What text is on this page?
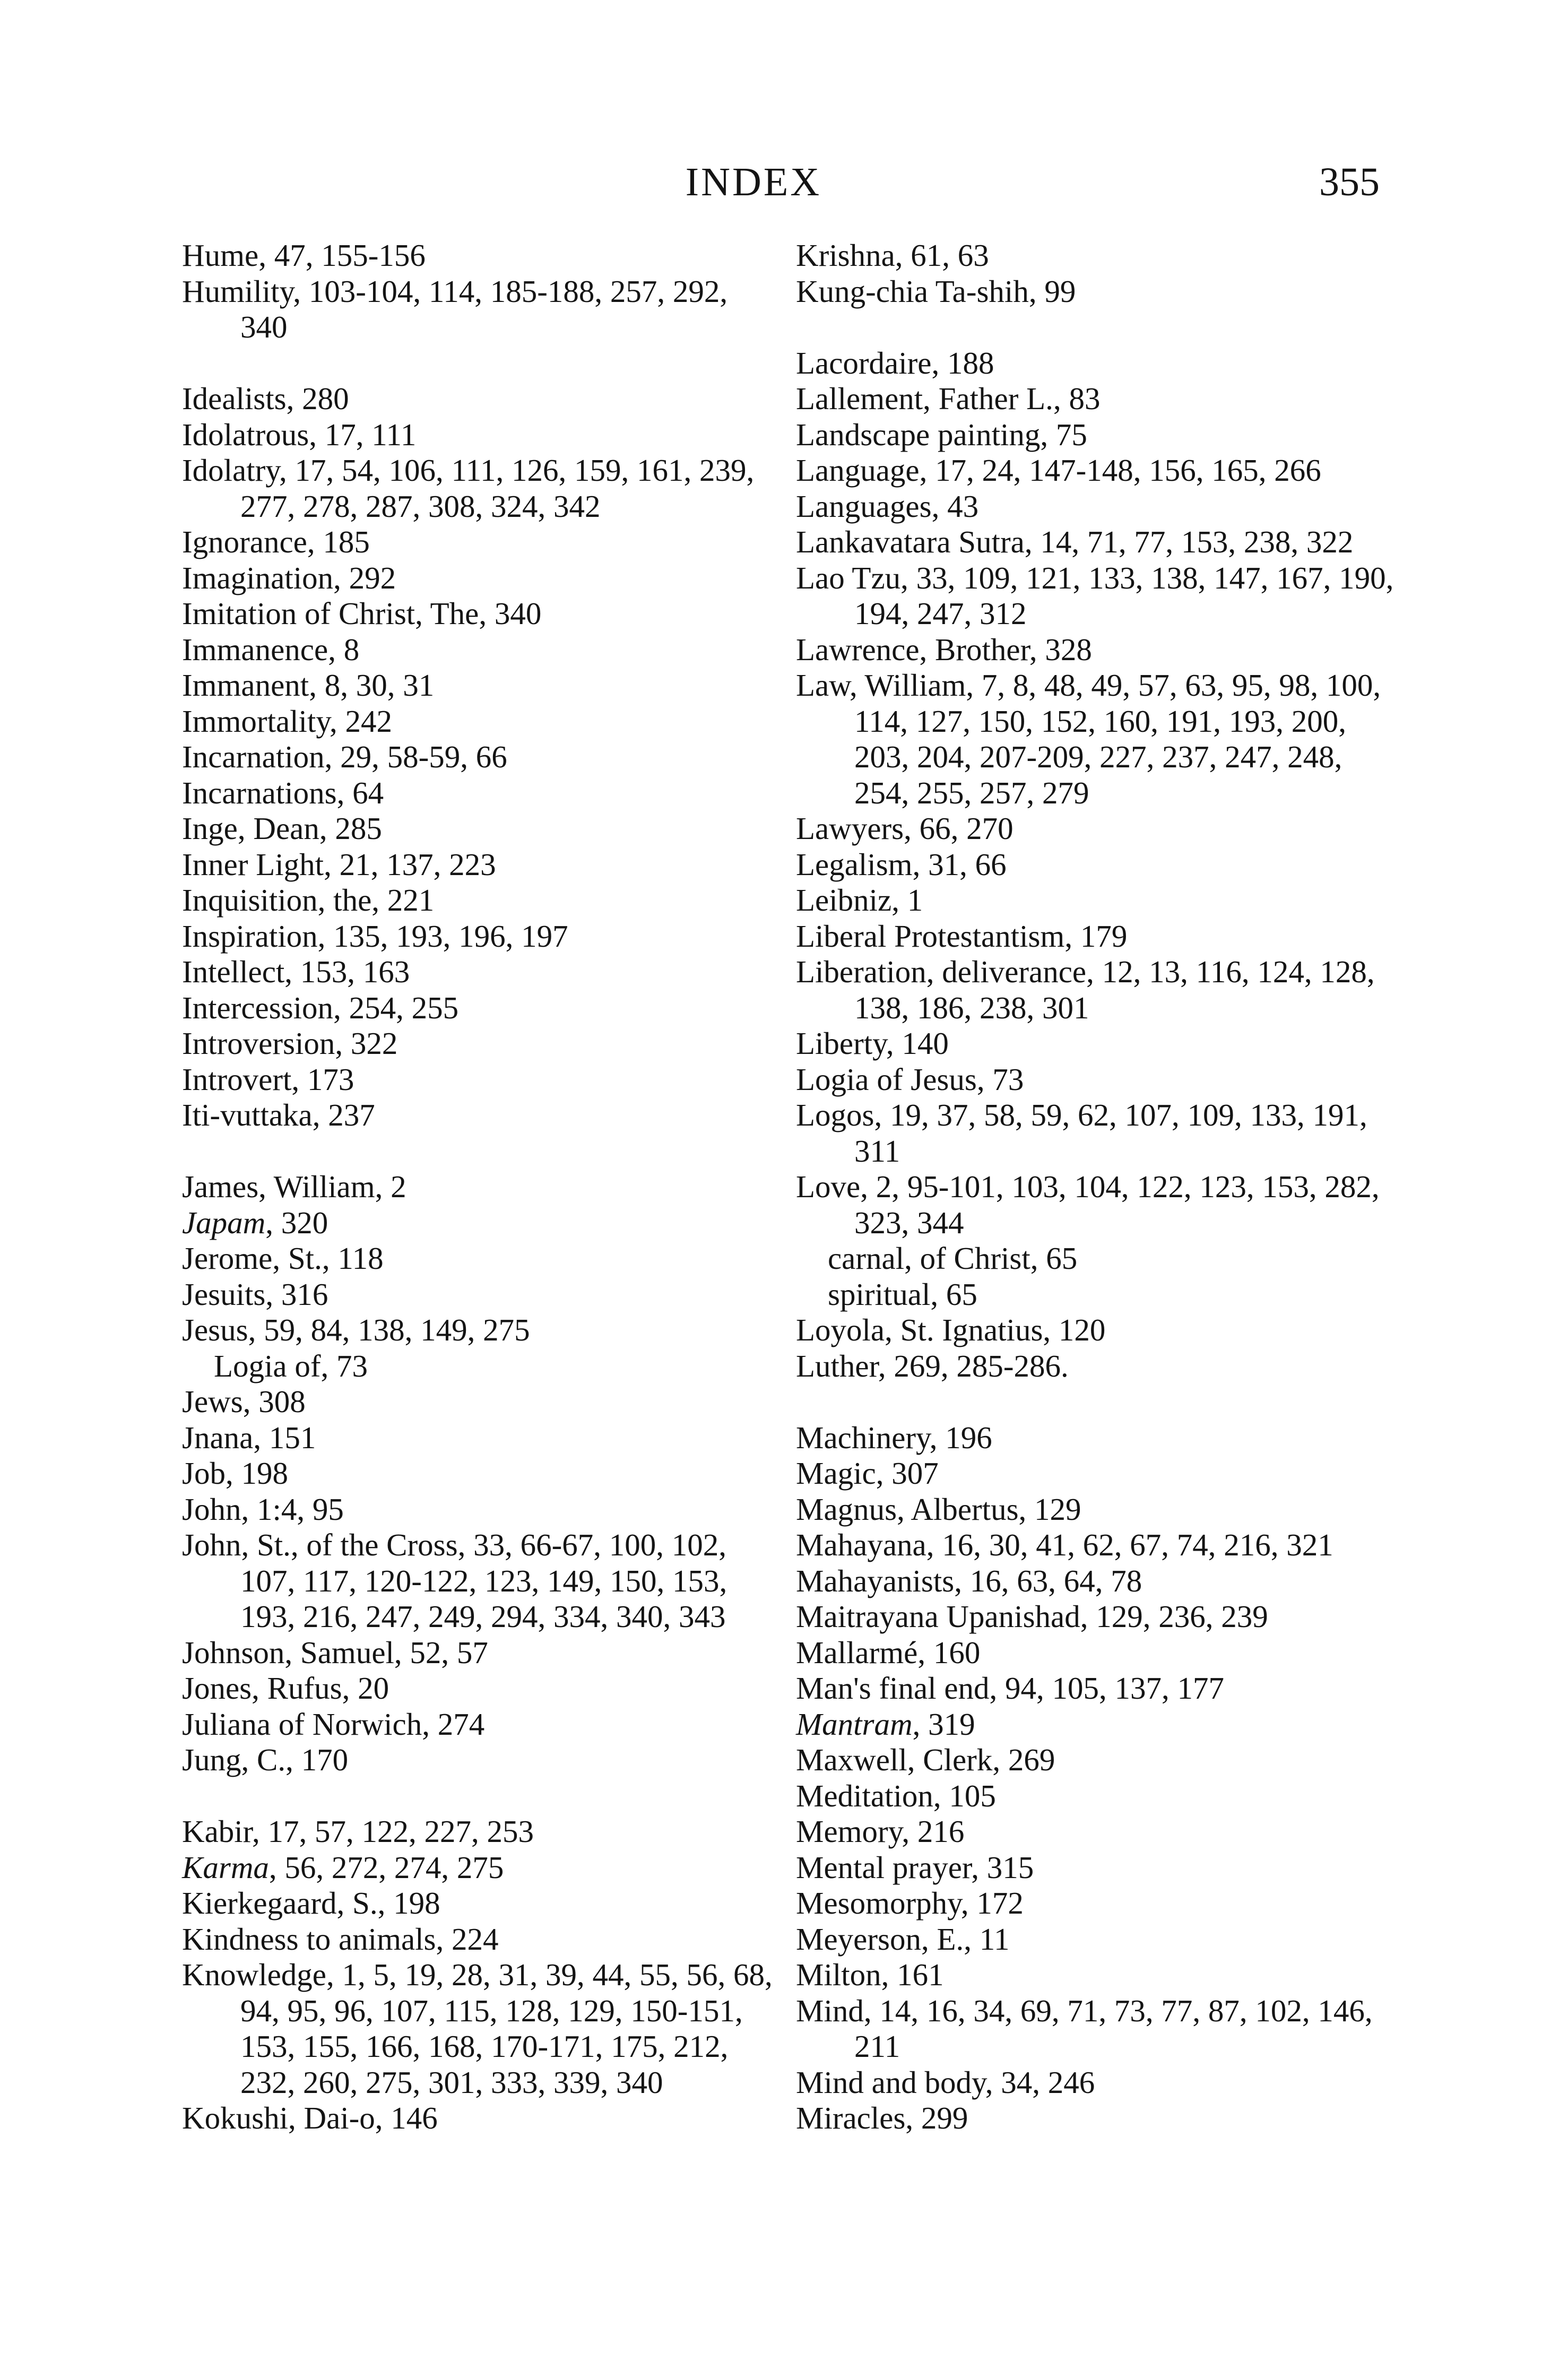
INDEX	355
Hume, 47, 155-156
Humility, 103-104, 114, 185-188, 257, 292, 340
Idealists, 280
Idolatrous, 17, 111
Idolatry, 17, 54, 106, 111, 126, 159, 161, 239, 277, 278, 287, 308, 324, 342
Ignorance, 185
Imagination, 292
Imitation of Christ, The, 340
Immanence, 8
Immanent, 8, 30, 31
Immortality, 242
Incarnation, 29, 58-59, 66
Incarnations, 64
Inge, Dean, 285
Inner Light, 21, 137, 223
Inquisition, the, 221
Inspiration, 135, 193, 196, 197
Intellect, 153, 163
Intercession, 254, 255
Introversion, 322
Introvert, 173
Iti-vuttaka, 237
James, William, 2
Japam, 320
Jerome, St., 118
Jesuits, 316
Jesus, 59, 84, 138, 149, 275
Logia of, 73
Jews, 308
Jnana, 151
Job, 198
John, 1:4, 95
John, St., of the Cross, 33, 66-67, 100, 102, 107, 117, 120-122, 123, 149, 150, 153, 193, 216, 247, 249, 294, 334, 340, 343
Johnson, Samuel, 52, 57
Jones, Rufus, 20
Juliana of Norwich, 274
Jung, C., 170
Kabir, 17, 57, 122, 227, 253
Karma, 56, 272, 274, 275
Kierkegaard, S., 198
Kindness to animals, 224
Knowledge, 1, 5, 19, 28, 31, 39, 44, 55, 56, 68, 94, 95, 96, 107, 115, 128, 129, 150-151, 153, 155, 166, 168, 170-171, 175, 212, 232, 260, 275, 301, 333, 339, 340
Kokushi, Dai-o, 146
Krishna, 61, 63
Kung-chia Ta-shih, 99
Lacordaire, 188
Lallement, Father L., 83
Landscape painting, 75
Language, 17, 24, 147-148, 156, 165, 266
Languages, 43
Lankavatara Sutra, 14, 71, 77, 153, 238, 322
Lao Tzu, 33, 109, 121, 133, 138, 147, 167, 190, 194, 247, 312
Lawrence, Brother, 328
Law, William, 7, 8, 48, 49, 57, 63, 95, 98, 100, 114, 127, 150, 152, 160, 191, 193, 200, 203, 204, 207-209, 227, 237, 247, 248, 254, 255, 257, 279
Lawyers, 66, 270
Legalism, 31, 66
Leibniz, 1
Liberal Protestantism, 179
Liberation, deliverance, 12, 13, 116, 124, 128, 138, 186, 238, 301
Liberty, 140
Logia of Jesus, 73
Logos, 19, 37, 58, 59, 62, 107, 109, 133, 191, 311
Love, 2, 95-101, 103, 104, 122, 123, 153, 282, 323, 344
carnal, of Christ, 65
spiritual, 65
Loyola, St. Ignatius, 120
Luther, 269, 285-286.
Machinery, 196
Magic, 307
Magnus, Albertus, 129
Mahayana, 16, 30, 41, 62, 67, 74, 216, 321
Mahayanists, 16, 63, 64, 78
Maitrayana Upanishad, 129, 236, 239
Mallarmé, 160
Man's final end, 94, 105, 137, 177
Mantram, 319
Maxwell, Clerk, 269
Meditation, 105
Memory, 216
Mental prayer, 315
Mesomorphy, 172
Meyerson, E., 11
Milton, 161
Mind, 14, 16, 34, 69, 71, 73, 77, 87, 102, 146, 211
Mind and body, 34, 246
Miracles, 299
